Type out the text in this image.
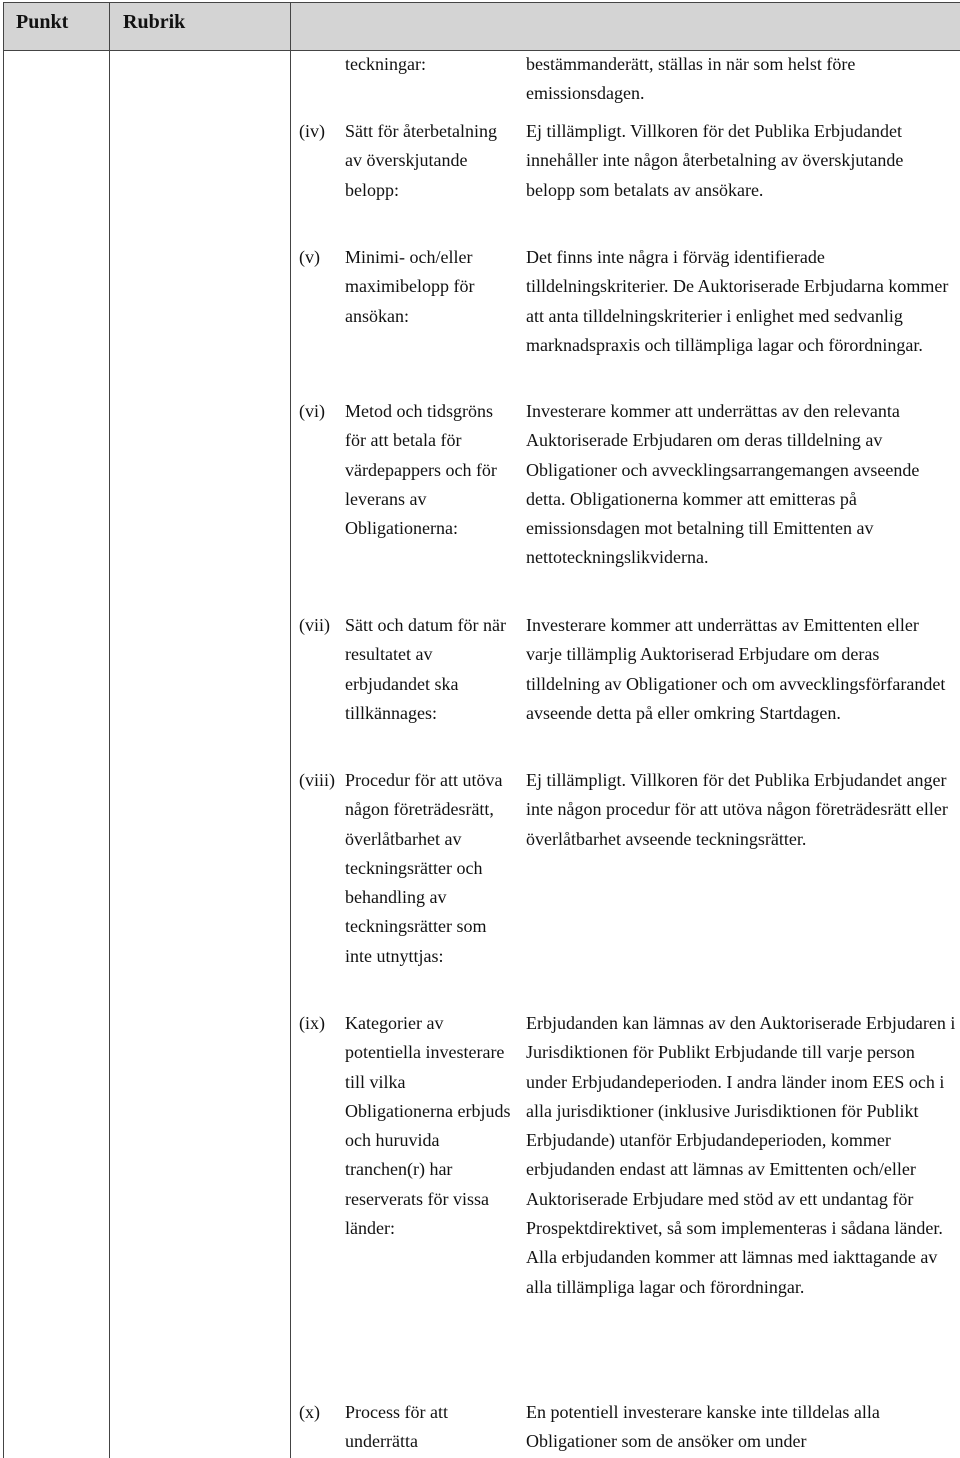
Punkt	Rubrik
teckningar:	bestämmanderätt, ställas in när som helst före emissionsdagen.
(iv) Sätt för återbetalning av överskjutande belopp:
Ej tillämpligt. Villkoren för det Publika Erbjudandet innehåller inte någon återbetalning av överskjutande belopp som betalats av ansökare.
(v) Minimi- och/eller maximibelopp för ansökan:
Det finns inte några i förväg identifierade tilldelningskriterier. De Auktoriserade Erbjudarna kommer att anta tilldelningskriterier i enlighet med sedvanlig marknadspraxis och tillämpliga lagar och förordningar.
(vi) Metod och tidsgröns för att betala för värdepappers och för leverans av Obligationerna:
Investerare kommer att underrättas av den relevanta Auktoriserade Erbjudaren om deras tilldelning av Obligationer och avvecklingsarrangemangen avseende detta. Obligationerna kommer att emitteras på emissionsdagen mot betalning till Emittenten av nettoteckningslikviderna.
(vii) Sätt och datum för när resultatet av erbjudandet ska tillkännages:
Investerare kommer att underrättas av Emittenten eller varje tillämplig Auktoriserad Erbjudare om deras tilldelning av Obligationer och om avvecklingsförfarandet avseende detta på eller omkring Startdagen.
(viii) Procedur för att utöva någon företrädesrätt, överlåtbarhet av teckningsrätter och behandling av teckningsrätter som inte utnyttjas:
Ej tillämpligt. Villkoren för det Publika Erbjudandet anger inte någon procedur för att utöva någon företrädesrätt eller överlåtbarhet avseende teckningsrätter.
(ix) Kategorier av potentiella investerare till vilka Obligationerna erbjuds och huruvida tranchen(r) har reserverats för vissa länder:
Erbjudanden kan lämnas av den Auktoriserade Erbjudaren i Jurisdiktionen för Publikt Erbjudande till varje person under Erbjudandeperioden. I andra länder inom EES och i alla jurisdiktioner (inklusive Jurisdiktionen för Publikt Erbjudande) utanför Erbjudandeperioden, kommer erbjudanden endast att lämnas av Emittenten och/eller Auktoriserade Erbjudare med stöd av ett undantag för Prospektdirektivet, så som implementeras i sådana länder. Alla erbjudanden kommer att lämnas med iakttagande av alla tillämpliga lagar och förordningar.
(x) Process för att underrätta
En potentiell investerare kanske inte tilldelas alla Obligationer som de ansöker om under
